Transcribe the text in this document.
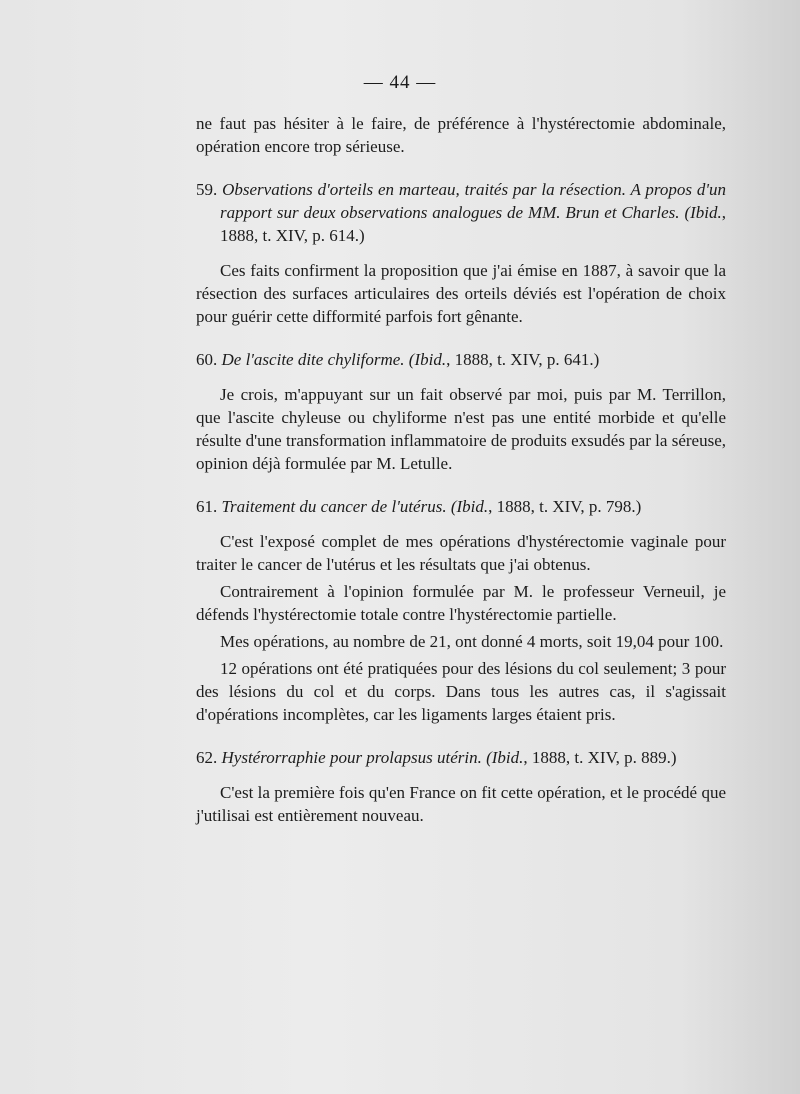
— 44 —

ne faut pas hésiter à le faire, de préférence à l'hystérectomie abdominale, opération encore trop sérieuse.

59. Observations d'orteils en marteau, traités par la résection. A propos d'un rapport sur deux observations analogues de MM. Brun et Charles. (Ibid., 1888, t. XIV, p. 614.)

Ces faits confirment la proposition que j'ai émise en 1887, à savoir que la résection des surfaces articulaires des orteils déviés est l'opération de choix pour guérir cette difformité parfois fort gênante.

60. De l'ascite dite chyliforme. (Ibid., 1888, t. XIV, p. 641.)

Je crois, m'appuyant sur un fait observé par moi, puis par M. Terrillon, que l'ascite chyleuse ou chyliforme n'est pas une entité morbide et qu'elle résulte d'une transformation inflammatoire de produits exsudés par la séreuse, opinion déjà formulée par M. Letulle.

61. Traitement du cancer de l'utérus. (Ibid., 1888, t. XIV, p. 798.)

C'est l'exposé complet de mes opérations d'hystérectomie vaginale pour traiter le cancer de l'utérus et les résultats que j'ai obtenus.

Contrairement à l'opinion formulée par M. le professeur Verneuil, je défends l'hystérectomie totale contre l'hystérectomie partielle.

Mes opérations, au nombre de 21, ont donné 4 morts, soit 19,04 pour 100.

12 opérations ont été pratiquées pour des lésions du col seulement; 3 pour des lésions du col et du corps. Dans tous les autres cas, il s'agissait d'opérations incomplètes, car les ligaments larges étaient pris.

62. Hystérorraphie pour prolapsus utérin. (Ibid., 1888, t. XIV, p. 889.)

C'est la première fois qu'en France on fit cette opération, et le procédé que j'utilisai est entièrement nouveau.
